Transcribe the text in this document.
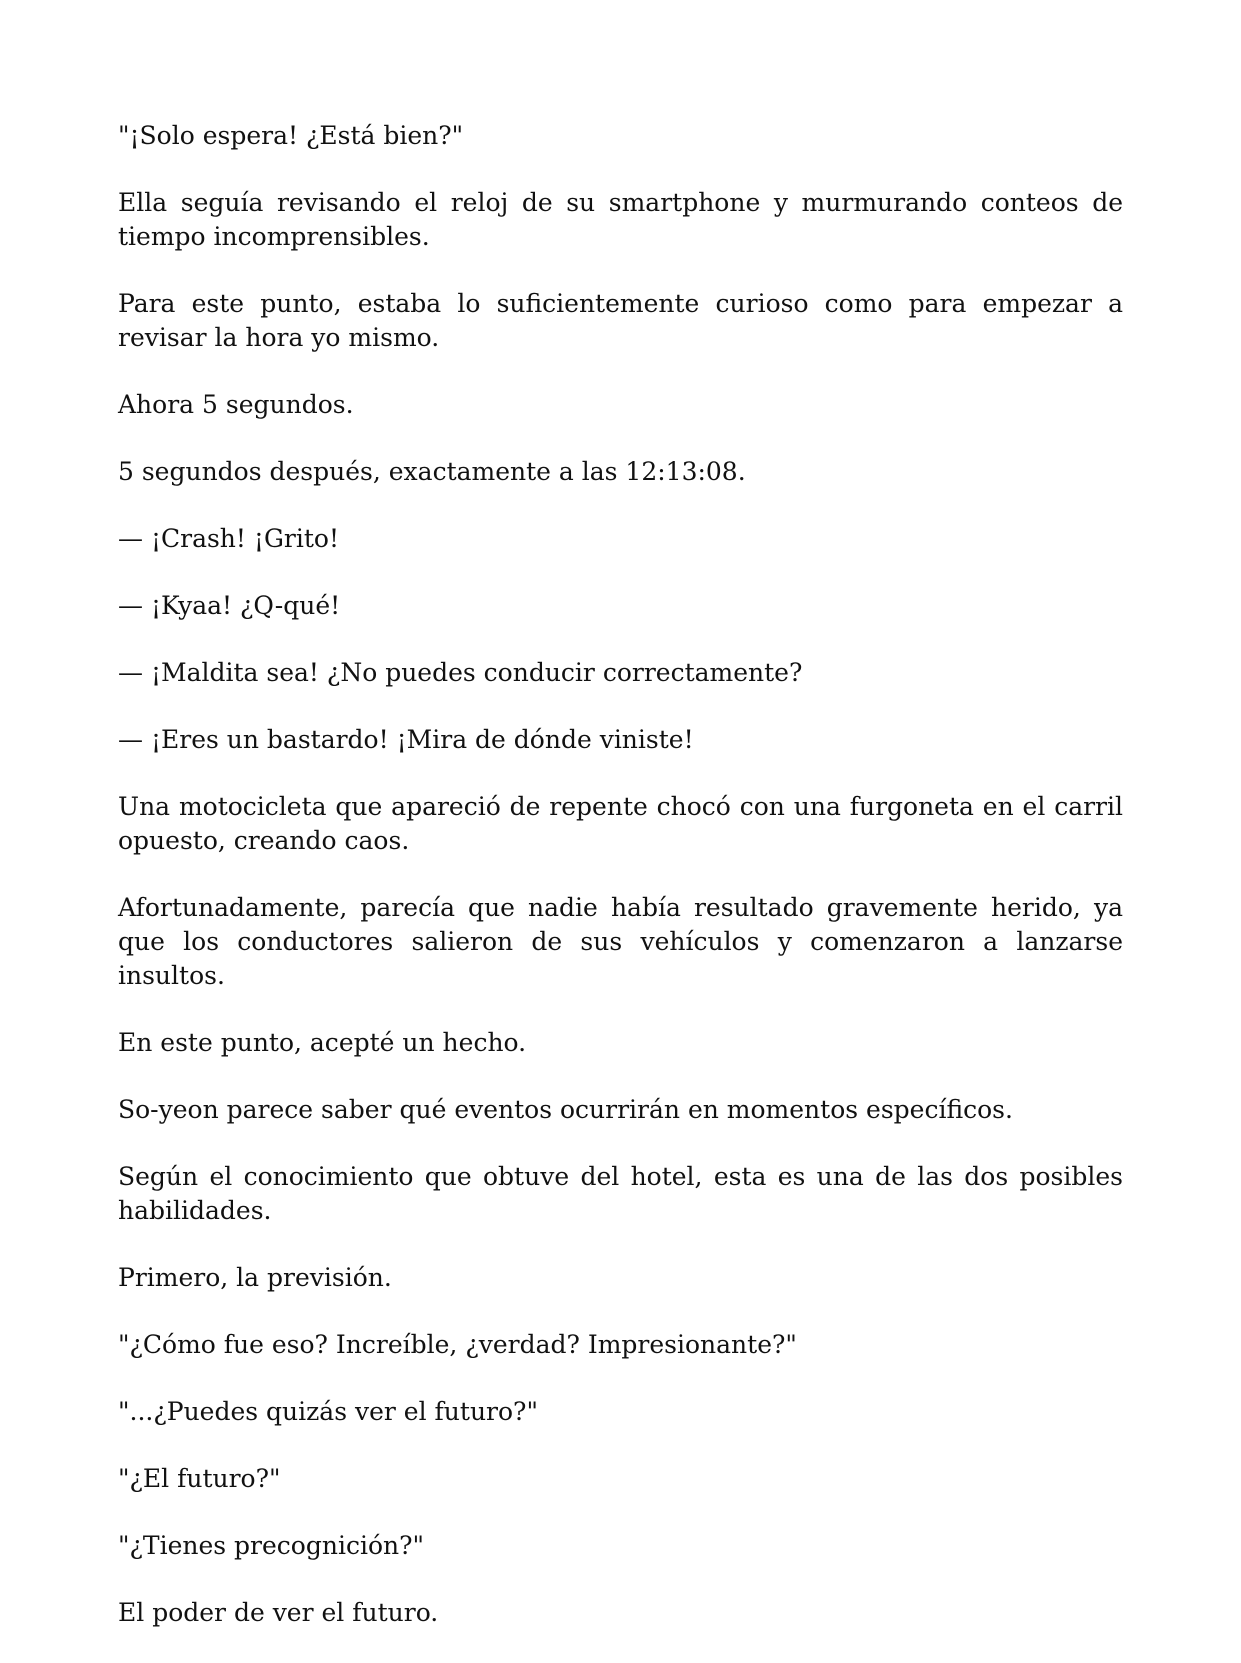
"¡Solo espera! ¿Está bien?"

Ella seguía revisando el reloj de su smartphone y murmurando conteos de tiempo incomprensibles.

Para este punto, estaba lo suficientemente curioso como para empezar a revisar la hora yo mismo.

Ahora 5 segundos.

5 segundos después, exactamente a las 12:13:08.

— ¡Crash! ¡Grito!

— ¡Kyaa! ¿Q-qué!

— ¡Maldita sea! ¿No puedes conducir correctamente?

— ¡Eres un bastardo! ¡Mira de dónde viniste!

Una motocicleta que apareció de repente chocó con una furgoneta en el carril opuesto, creando caos.

Afortunadamente, parecía que nadie había resultado gravemente herido, ya que los conductores salieron de sus vehículos y comenzaron a lanzarse insultos.

En este punto, acepté un hecho.

So-yeon parece saber qué eventos ocurrirán en momentos específicos.

Según el conocimiento que obtuve del hotel, esta es una de las dos posibles habilidades.

Primero, la previsión.

"¿Cómo fue eso? Increíble, ¿verdad? Impresionante?"

"...¿Puedes quizás ver el futuro?"

"¿El futuro?"

"¿Tienes precognición?"

El poder de ver el futuro.
